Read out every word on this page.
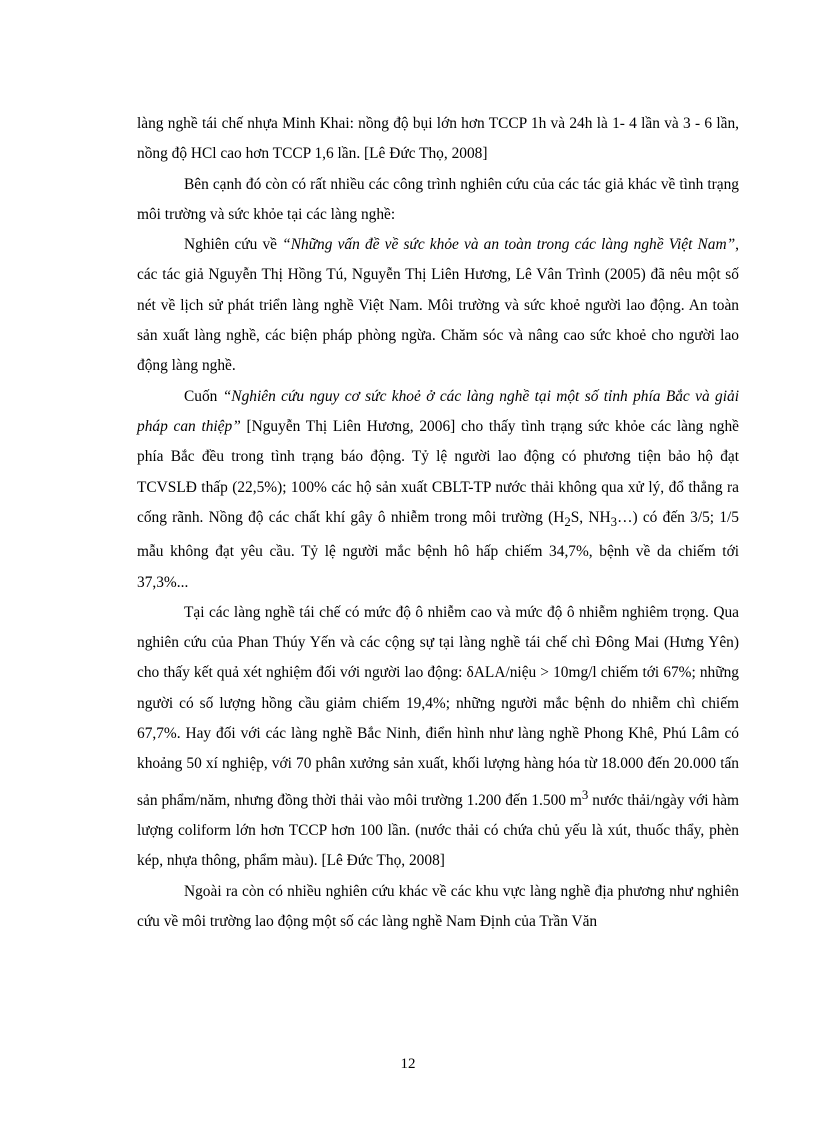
làng nghề tái chế nhựa Minh Khai: nồng độ bụi lớn hơn TCCP 1h và 24h là 1- 4 lần và 3 - 6 lần, nồng độ HCl cao hơn TCCP 1,6 lần. [Lê Đức Thọ, 2008]

Bên cạnh đó còn có rất nhiều các công trình nghiên cứu của các tác giả khác về tình trạng môi trường và sức khỏe tại các làng nghề:

Nghiên cứu về “Những vấn đề về sức khỏe và an toàn trong các làng nghề Việt Nam”, các tác giả Nguyễn Thị Hồng Tú, Nguyễn Thị Liên Hương, Lê Vân Trình (2005) đã nêu một số nét về lịch sử phát triển làng nghề Việt Nam. Môi trường và sức khoẻ người lao động. An toàn sản xuất làng nghề, các biện pháp phòng ngừa. Chăm sóc và nâng cao sức khoẻ cho người lao động làng nghề.

Cuốn “Nghiên cứu nguy cơ sức khoẻ ở các làng nghề tại một số tỉnh phía Bắc và giải pháp can thiệp” [Nguyễn Thị Liên Hương, 2006] cho thấy tình trạng sức khỏe các làng nghề phía Bắc đều trong tình trạng báo động. Tỷ lệ người lao động có phương tiện bảo hộ đạt TCVSLĐ thấp (22,5%); 100% các hộ sản xuất CBLT-TP nước thải không qua xử lý, đổ thẳng ra cống rãnh. Nồng độ các chất khí gây ô nhiễm trong môi trường ($H_2S$, $NH_3\dots$) có đến 3/5; 1/5 mẫu không đạt yêu cầu. Tỷ lệ người mắc bệnh hô hấp chiếm 34,7%, bệnh về da chiếm tới 37,3%...

Tại các làng nghề tái chế có mức độ ô nhiễm cao và mức độ ô nhiễm nghiêm trọng. Qua nghiên cứu của Phan Thúy Yến và các cộng sự tại làng nghề tái chế chì Đông Mai (Hưng Yên) cho thấy kết quả xét nghiệm đối với người lao động: δALA/niệu > 10mg/l chiếm tới 67%; những người có số lượng hồng cầu giảm chiếm 19,4%; những người mắc bệnh do nhiễm chì chiếm 67,7%. Hay đối với các làng nghề Bắc Ninh, điển hình như làng nghề Phong Khê, Phú Lâm có khoảng 50 xí nghiệp, với 70 phân xưởng sản xuất, khối lượng hàng hóa từ 18.000 đến 20.000 tấn sản phẩm/năm, nhưng đồng thời thải vào môi trường 1.200 đến 1.500 $m^3$ nước thải/ngày với hàm lượng coliform lớn hơn TCCP hơn 100 lần. (nước thải có chứa chủ yếu là xút, thuốc thẩy, phèn kép, nhựa thông, phẩm màu). [Lê Đức Thọ, 2008]

Ngoài ra còn có nhiều nghiên cứu khác về các khu vực làng nghề địa phương như nghiên cứu về môi trường lao động một số các làng nghề Nam Định của Trần Văn

12
